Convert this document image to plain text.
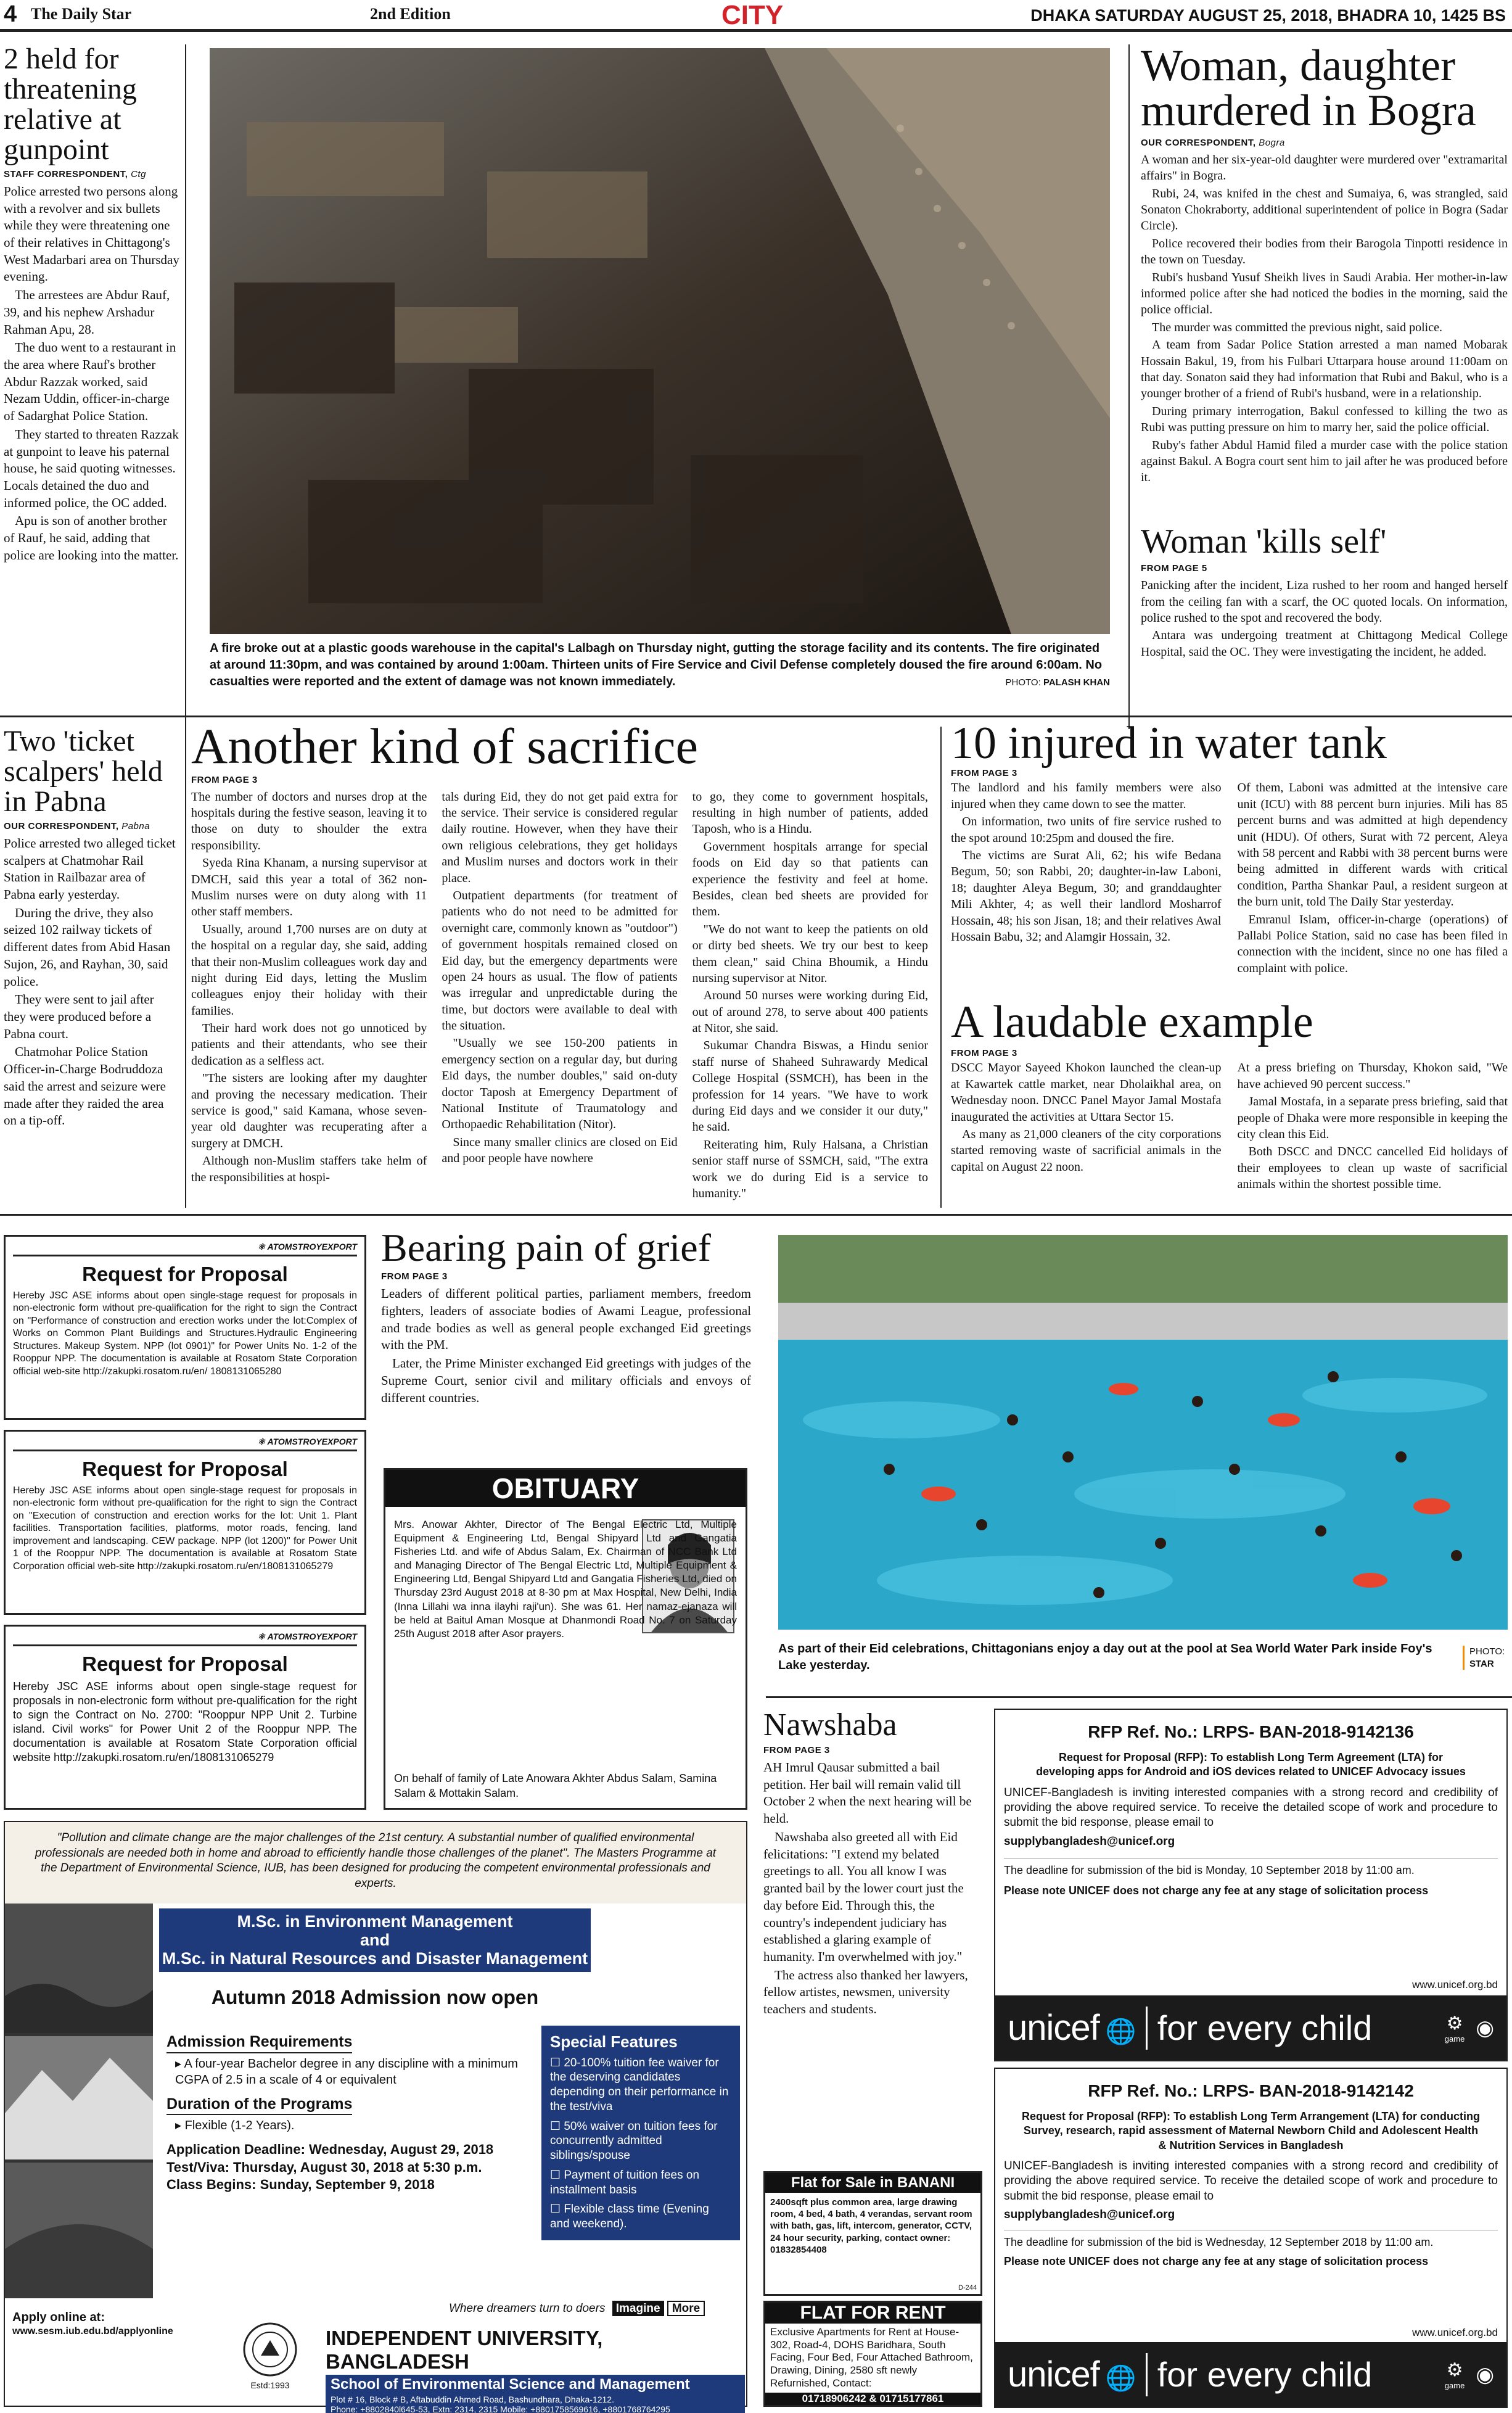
4 The Daily Star	2nd Edition	CITY	DHAKA SATURDAY AUGUST 25, 2018, BHADRA 10, 1425 BS
2 held for threatening relative at gunpoint
STAFF CORRESPONDENT, Ctg

Police arrested two persons along with a revolver and six bullets while they were threatening one of their relatives in Chittagong's West Madarbari area on Thursday evening.

The arrestees are Abdur Rauf, 39, and his nephew Arshadur Rahman Apu, 28.

The duo went to a restaurant in the area where Rauf's brother Abdur Razzak worked, said Nezam Uddin, officer-in-charge of Sadarghat Police Station.

They started to threaten Razzak at gunpoint to leave his paternal house, he said quoting witnesses. Locals detained the duo and informed police, the OC added.

Apu is son of another brother of Rauf, he said, adding that police are looking into the matter.

A fire broke out at a plastic goods warehouse in the capital's Lalbagh on Thursday night, gutting the storage facility and its contents. The fire originated at around 11:30pm, and was contained by around 1:00am. Thirteen units of Fire Service and Civil Defense completely doused the fire around 6:00am. No casualties were reported and the extent of damage was not known immediately.	PHOTO: PALASH KHAN
Woman, daughter murdered in Bogra
OUR CORRESPONDENT, Bogra

A woman and her six-year-old daughter were murdered over "extramarital affairs" in Bogra.

Rubi, 24, was knifed in the chest and Sumaiya, 6, was strangled, said Sonaton Chokraborty, additional superintendent of police in Bogra (Sadar Circle).

Police recovered their bodies from their Barogola Tinpotti residence in the town on Tuesday.

Rubi's husband Yusuf Sheikh lives in Saudi Arabia. Her mother-in-law informed police after she had noticed the bodies in the morning, said the police official.

The murder was committed the previous night, said police.

A team from Sadar Police Station arrested a man named Mobarak Hossain Bakul, 19, from his Fulbari Uttarpara house around 11:00am on that day. Sonaton said they had information that Rubi and Bakul, who is a younger brother of a friend of Rubi's husband, were in a relationship.

During primary interrogation, Bakul confessed to killing the two as Rubi was putting pressure on him to marry her, said the police official.

Ruby's father Abdul Hamid filed a murder case with the police station against Bakul. A Bogra court sent him to jail after he was produced before it.

Woman 'kills self'
FROM PAGE 5

Panicking after the incident, Liza rushed to her room and hanged herself from the ceiling fan with a scarf, the OC quoted locals. On information, police rushed to the spot and recovered the body.

Antara was undergoing treatment at Chittagong Medical College Hospital, said the OC. They were investigating the incident, he added.

Two 'ticket scalpers' held in Pabna
OUR CORRESPONDENT, Pabna

Police arrested two alleged ticket scalpers at Chatmohar Rail Station in Railbazar area of Pabna early yesterday.

During the drive, they also seized 102 railway tickets of different dates from Abid Hasan Sujon, 26, and Rayhan, 30, said police.

They were sent to jail after they were produced before a Pabna court.

Chatmohar Police Station Officer-in-Charge Bodruddoza said the arrest and seizure were made after they raided the area on a tip-off.

Another kind of sacrifice
FROM PAGE 3

The number of doctors and nurses drop at the hospitals during the festive season, leaving it to those on duty to shoulder the extra responsibility.

Syeda Rina Khanam, a nursing supervisor at DMCH, said this year a total of 362 non-Muslim nurses were on duty along with 11 other staff members.

Usually, around 1,700 nurses are on duty at the hospital on a regular day, she said, adding that their non-Muslim colleagues work day and night during Eid days, letting the Muslim colleagues enjoy their holiday with their families.

Their hard work does not go unnoticed by patients and their attendants, who see their dedication as a selfless act.

"The sisters are looking after my daughter and proving the necessary medication. Their service is good," said Kamana, whose seven-year old daughter was recuperating after a surgery at DMCH.

Although non-Muslim staffers take helm of the responsibilities at hospi-

tals during Eid, they do not get paid extra for the service. Their service is considered regular daily routine. However, when they have their own religious celebrations, they get holidays and Muslim nurses and doctors work in their place.

Outpatient departments (for treatment of patients who do not need to be admitted for overnight care, commonly known as "outdoor") of government hospitals remained closed on Eid day, but the emergency departments were open 24 hours as usual. The flow of patients was irregular and unpredictable during the time, but doctors were available to deal with the situation.

"Usually we see 150-200 patients in emergency section on a regular day, but during Eid days, the number doubles," said on-duty doctor Taposh at Emergency Department of National Institute of Traumatology and Orthopaedic Rehabilitation (Nitor).

Since many smaller clinics are closed on Eid and poor people have nowhere

to go, they come to government hospitals, resulting in high number of patients, added Taposh, who is a Hindu.

Government hospitals arrange for special foods on Eid day so that patients can experience the festivity and feel at home. Besides, clean bed sheets are provided for them.

"We do not want to keep the patients on old or dirty bed sheets. We try our best to keep them clean," said China Bhoumik, a Hindu nursing supervisor at Nitor.

Around 50 nurses were working during Eid, out of around 278, to serve about 400 patients at Nitor, she said.

Sukumar Chandra Biswas, a Hindu senior staff nurse of Shaheed Suhrawardy Medical College Hospital (SSMCH), has been in the profession for 14 years. "We have to work during Eid days and we consider it our duty," he said.

Reiterating him, Ruly Halsana, a Christian senior staff nurse of SSMCH, said, "The extra work we do during Eid is a service to humanity."

10 injured in water tank
FROM PAGE 3

The landlord and his family members were also injured when they came down to see the matter.

On information, two units of fire service rushed to the spot around 10:25pm and doused the fire.

The victims are Surat Ali, 62; his wife Bedana Begum, 50; son Rabbi, 20; daughter-in-law Laboni, 18; daughter Aleya Begum, 30; and granddaughter Mili Akhter, 4; as well their landlord Mosharrof Hossain, 48; his son Jisan, 18; and their relatives Awal Hossain Babu, 32; and Alamgir Hossain, 32.

Of them, Laboni was admitted at the intensive care unit (ICU) with 88 percent burn injuries. Mili has 85 percent burns and was admitted at high dependency unit (HDU). Of others, Surat with 72 percent, Aleya with 58 percent and Rabbi with 38 percent burns were being admitted in different wards with critical condition, Partha Shankar Paul, a resident surgeon at the burn unit, told The Daily Star yesterday.

Emranul Islam, officer-in-charge (operations) of Pallabi Police Station, said no case has been filed in connection with the incident, since no one has filed a complaint with police.

A laudable example
FROM PAGE 3

DSCC Mayor Sayeed Khokon launched the clean-up at Kawartek cattle market, near Dholaikhal area, on Wednesday noon. DNCC Panel Mayor Jamal Mostafa inaugurated the activities at Uttara Sector 15.

As many as 21,000 cleaners of the city corporations started removing waste of sacrificial animals in the capital on August 22 noon.

At a press briefing on Thursday, Khokon said, "We have achieved 90 percent success."

Jamal Mostafa, in a separate press briefing, said that people of Dhaka were more responsible in keeping the city clean this Eid.

Both DSCC and DNCC cancelled Eid holidays of their employees to clean up waste of sacrificial animals within the shortest possible time.

⚛ ATOMSTROYEXPORT
Request for Proposal
Hereby JSC ASE informs about open single-stage request for proposals in non-electronic form without pre-qualification for the right to sign the Contract on "Performance of construction and erection works under the lot:Complex of Works on Common Plant Buildings and Structures.Hydraulic Engineering Structures. Makeup System. NPP (lot 0901)" for Power Units No. 1-2 of the Rooppur NPP. The documentation is available at Rosatom State Corporation official web-site http://zakupki.rosatom.ru/en/ 1808131065280
⚛ ATOMSTROYEXPORT
Request for Proposal
Hereby JSC ASE informs about open single-stage request for proposals in non-electronic form without pre-qualification for the right to sign the Contract on "Execution of construction and erection works for the lot: Unit 1. Plant facilities. Transportation facilities, platforms, motor roads, fencing, land improvement and landscaping. CEW package. NPP (lot 1200)" for Power Unit 1 of the Rooppur NPP. The documentation is available at Rosatom State Corporation official web-site http://zakupki.rosatom.ru/en/1808131065279
⚛ ATOMSTROYEXPORT
Request for Proposal
Hereby JSC ASE informs about open single-stage request for proposals in non-electronic form without pre-qualification for the right to sign the Contract on No. 2700: "Rooppur NPP Unit 2. Turbine island. Civil works" for Power Unit 2 of the Rooppur NPP. The documentation is available at Rosatom State Corporation official website http://zakupki.rosatom.ru/en/1808131065279
Bearing pain of grief
FROM PAGE 3

Leaders of different political parties, parliament members, freedom fighters, leaders of associate bodies of Awami League, professional and trade bodies as well as general people exchanged Eid greetings with the PM.

Later, the Prime Minister exchanged Eid greetings with judges of the Supreme Court, senior civil and military officials and envoys of different countries.

OBITUARY
Mrs. Anowar Akhter, Director of The Bengal Electric Ltd, Multiple Equipment & Engineering Ltd, Bengal Shipyard Ltd and Gangatia Fisheries Ltd. and wife of Abdus Salam, Ex. Chairman of NCC Bank Ltd and Managing Director of The Bengal Electric Ltd, Multiple Equipment & Engineering Ltd, Bengal Shipyard Ltd and Gangatia Fisheries Ltd, died on Thursday 23rd August 2018 at 8-30 pm at Max Hospital, New Delhi, India (Inna Lillahi wa inna ilayhi raji'un). She was 61. Her namaz-ejanaza will be held at Baitul Aman Mosque at Dhanmondi Road No. 7 on Saturday 25th August 2018 after Asor prayers.
On behalf of family of Late Anowara Akhter Abdus Salam, Samina Salam & Mottakin Salam.
As part of their Eid celebrations, Chittagonians enjoy a day out at the pool at Sea World Water Park inside Foy's Lake yesterday.
PHOTO:
STAR
"Pollution and climate change are the major challenges of the 21st century. A substantial number of qualified environmental professionals are needed both in home and abroad to efficiently handle those challenges of the planet". The Masters Programme at the Department of Environmental Science, IUB, has been designed for producing the competent environmental professionals and experts.
M.Sc. in Environment Management
and
M.Sc. in Natural Resources and Disaster Management
Autumn 2018 Admission now open
Admission Requirements
▸ A four-year Bachelor degree in any discipline with a minimum CGPA of 2.5 in a scale of 4 or equivalent
Duration of the Programs
▸ Flexible (1-2 Years).
Application Deadline: Wednesday, August 29, 2018
Test/Viva: Thursday, August 30, 2018 at 5:30 p.m.
Class Begins: Sunday, September 9, 2018
Special Features
☐ 20-100% tuition fee waiver for the deserving candidates depending on their performance in the test/viva
☐ 50% waiver on tuition fees for concurrently admitted siblings/spouse
☐ Payment of tuition fees on installment basis
☐ Flexible class time (Evening and weekend).
Where dreamers turn to doers Imagine More
Apply online at:
www.sesm.iub.edu.bd/applyonline
Estd:1993
INDEPENDENT UNIVERSITY, BANGLADESH
School of Environmental Science and Management
Plot # 16, Block # B, Aftabuddin Ahmed Road, Bashundhara, Dhaka-1212.
Phone: +8802840l645-53, Extn: 2314, 2315 Mobile: +8801758569616, +8801768764295
Nawshaba
FROM PAGE 3

AH Imrul Qausar submitted a bail petition. Her bail will remain valid till October 2 when the next hearing will be held.

Nawshaba also greeted all with Eid felicitations: "I extend my belated greetings to all. You all know I was granted bail by the lower court just the day before Eid. Through this, the country's independent judiciary has established a glaring example of humanity. I'm overwhelmed with joy."

The actress also thanked her lawyers, fellow artistes, newsmen, university teachers and students.

Flat for Sale in BANANI
2400sqft plus common area, large drawing room, 4 bed, 4 bath, 4 verandas, servant room with bath, gas, lift, intercom, generator, CCTV, 24 hour security, parking, contact owner: 01832854408
D-244
FLAT FOR RENT
Exclusive Apartments for Rent at House-302, Road-4, DOHS Baridhara, South Facing, Four Bed, Four Attached Bathroom, Drawing, Dining, 2580 sft newly Refurnished, Contact:
01718906242 & 01715177861
RFP Ref. No.: LRPS- BAN-2018-9142136
Request for Proposal (RFP): To establish Long Term Agreement (LTA) for developing apps for Android and iOS devices related to UNICEF Advocacy issues
UNICEF-Bangladesh is inviting interested companies with a strong record and credibility of providing the above required service. To receive the detailed scope of work and procedure to submit the bid response, please email to
supplybangladesh@unicef.org
The deadline for submission of the bid is Monday, 10 September 2018 by 11:00 am.
Please note UNICEF does not charge any fee at any stage of solicitation process
www.unicef.org.bd
unicef 🌐 for every child	⚙
game ◉
RFP Ref. No.: LRPS- BAN-2018-9142142
Request for Proposal (RFP): To establish Long Term Arrangement (LTA) for conducting Survey, research, rapid assessment of Maternal Newborn Child and Adolescent Health & Nutrition Services in Bangladesh
UNICEF-Bangladesh is inviting interested companies with a strong record and credibility of providing the above required service. To receive the detailed scope of work and procedure to submit the bid response, please email to
supplybangladesh@unicef.org
The deadline for submission of the bid is Wednesday, 12 September 2018 by 11:00 am.
Please note UNICEF does not charge any fee at any stage of solicitation process
www.unicef.org.bd
unicef 🌐 for every child	⚙
game ◉
